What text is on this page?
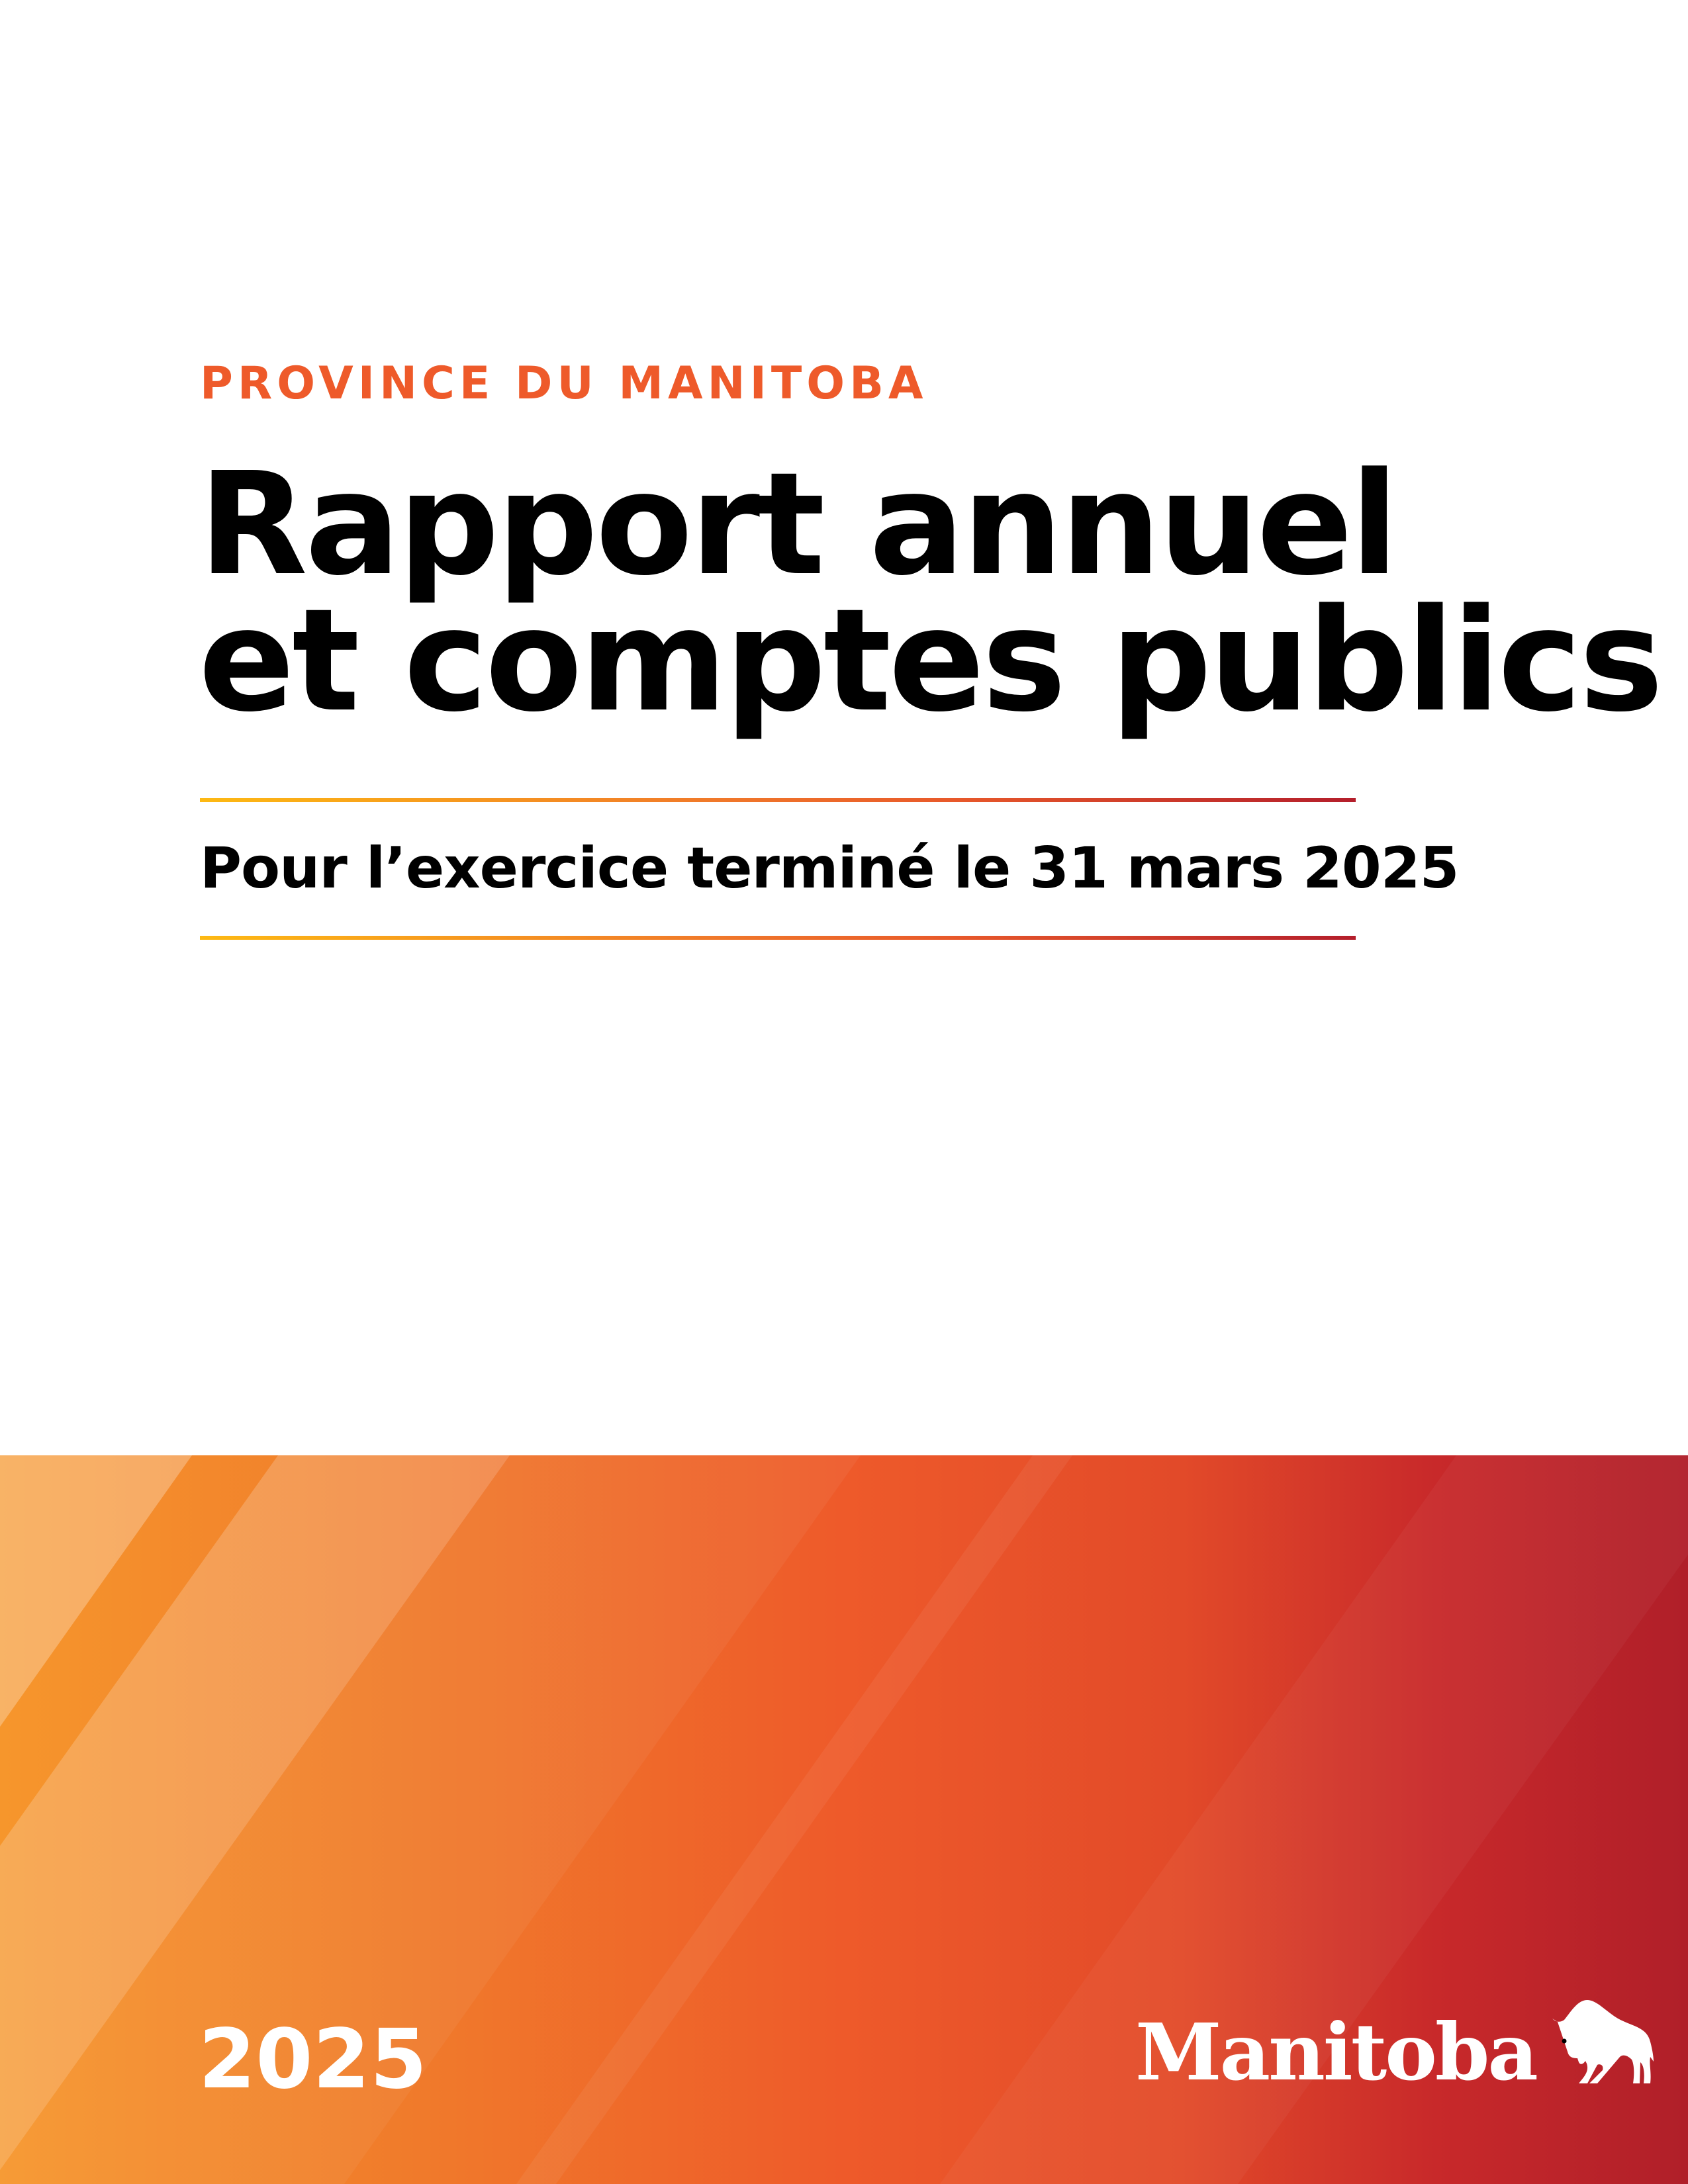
PROVINCE DU MANITOBA
Rapport annuel
et comptes publics
Pour l’exercice terminé le 31 mars 2025
2025	Manitoba
